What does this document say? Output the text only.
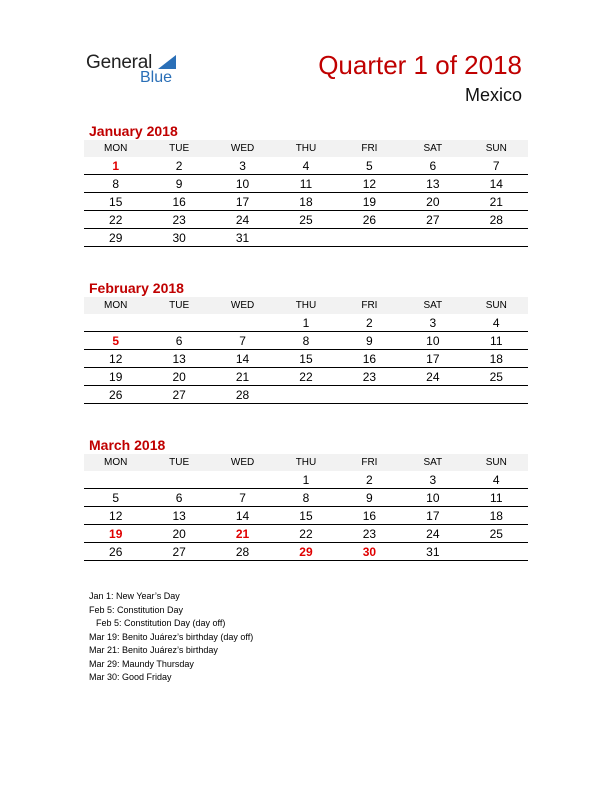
General
Blue	Quarter 1 of 2018
Mexico
January 2018
MON	TUE	WED	THU	FRI	SAT	SUN
1	2	3	4	5	6	7
8	9	10	11	12	13	14
15	16	17	18	19	20	21
22	23	24	25	26	27	28
29	30	31				
February 2018
MON	TUE	WED	THU	FRI	SAT	SUN
			1	2	3	4
5	6	7	8	9	10	11
12	13	14	15	16	17	18
19	20	21	22	23	24	25
26	27	28				
March 2018
MON	TUE	WED	THU	FRI	SAT	SUN
			1	2	3	4
5	6	7	8	9	10	11
12	13	14	15	16	17	18
19	20	21	22	23	24	25
26	27	28	29	30	31	
Jan 1: New Year’s Day
Feb 5: Constitution Day
Feb 5: Constitution Day (day off)
Mar 19: Benito Juárez’s birthday (day off)
Mar 21: Benito Juárez’s birthday
Mar 29: Maundy Thursday
Mar 30: Good Friday
